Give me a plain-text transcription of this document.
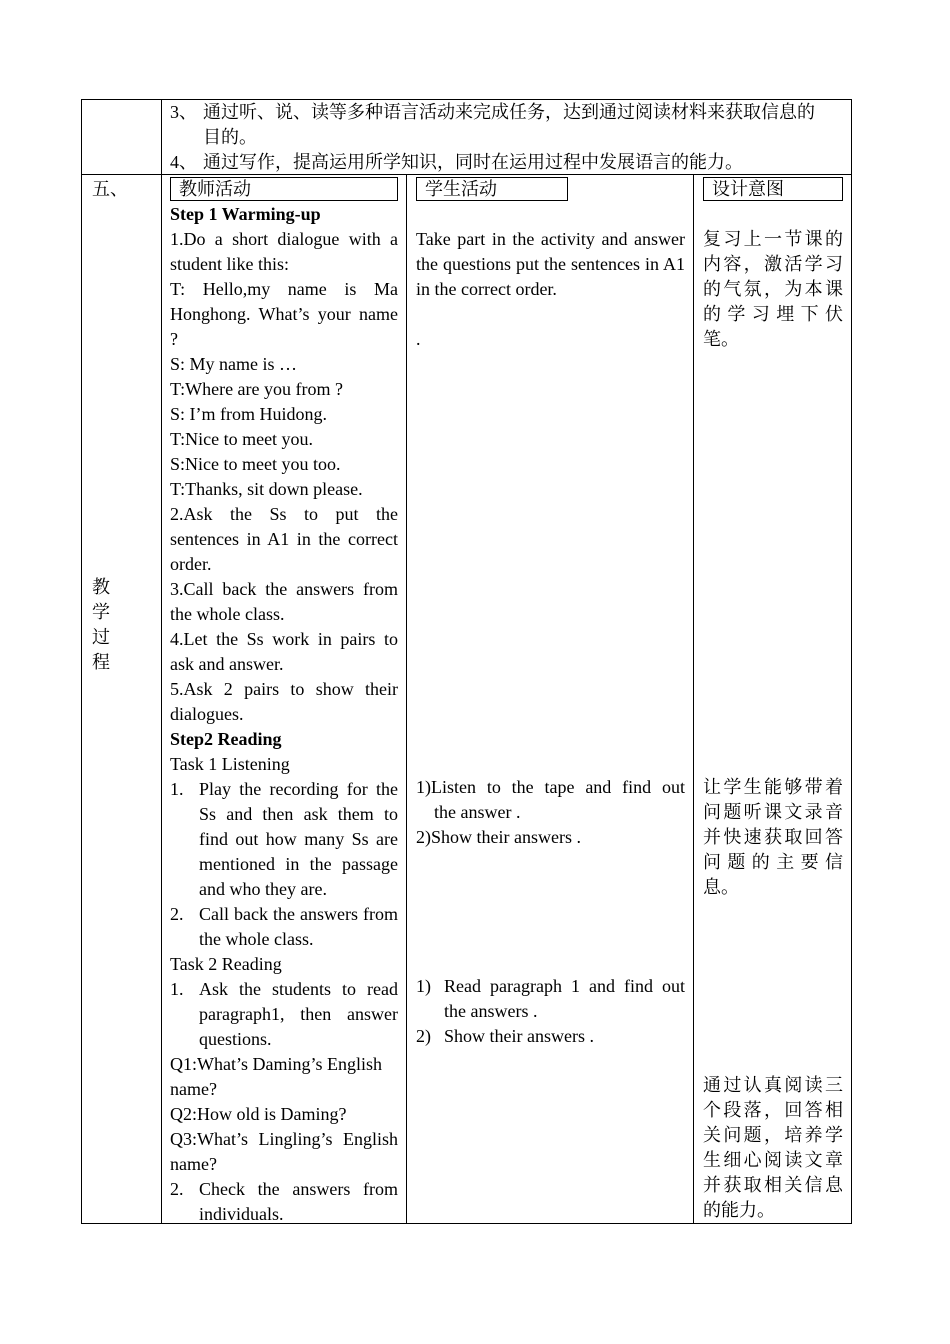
3、 通过听、说、读等多种语言活动来完成任务，达到通过阅读材料来获取信息的
目的。
4、 通过写作，提高运用所学知识，同时在运用过程中发展语言的能力。
五、
教
学
过
程
教师活动	学生活动	设计意图
Step 1 Warming-up
1.Do a short dialogue with a student like this:
T: Hello,my name is Ma Honghong. What’s your name ?
S: My name is …
T:Where are you from ?
S: I’m from Huidong.
T:Nice to meet you.
S:Nice to meet you too.
T:Thanks, sit down please.
2.Ask the Ss to put the sentences in A1 in the correct order.
3.Call back the answers from the whole class.
4.Let the Ss work in pairs to ask and answer.
5.Ask 2 pairs to show their dialogues.
Step2 Reading
Task 1 Listening
1. Play the recording for the Ss and then ask them to find out how many Ss are mentioned in the passage and who they are.
2. Call back the answers from the whole class.
Task 2 Reading
1. Ask the students to read paragraph1, then answer questions.
Q1:What’s Daming’s English name?
Q2:How old is Daming?
Q3:What’s Lingling’s English name?
2. Check the answers from individuals.
Take part in the activity and answer the questions put the sentences in A1 in the correct order.
.
1)Listen to the tape and find out
the answer .
2)Show their answers .
1) Read paragraph 1 and find out the answers .
2) Show their answers .
复习上一节课的
内容，激活学习
的气氛，为本课
的学习埋下伏
笔。
让学生能够带着
问题听课文录音
并快速获取回答
问题的主要信
息。
通过认真阅读三
个段落，回答相
关问题，培养学
生细心阅读文章
并获取相关信息
的能力。
